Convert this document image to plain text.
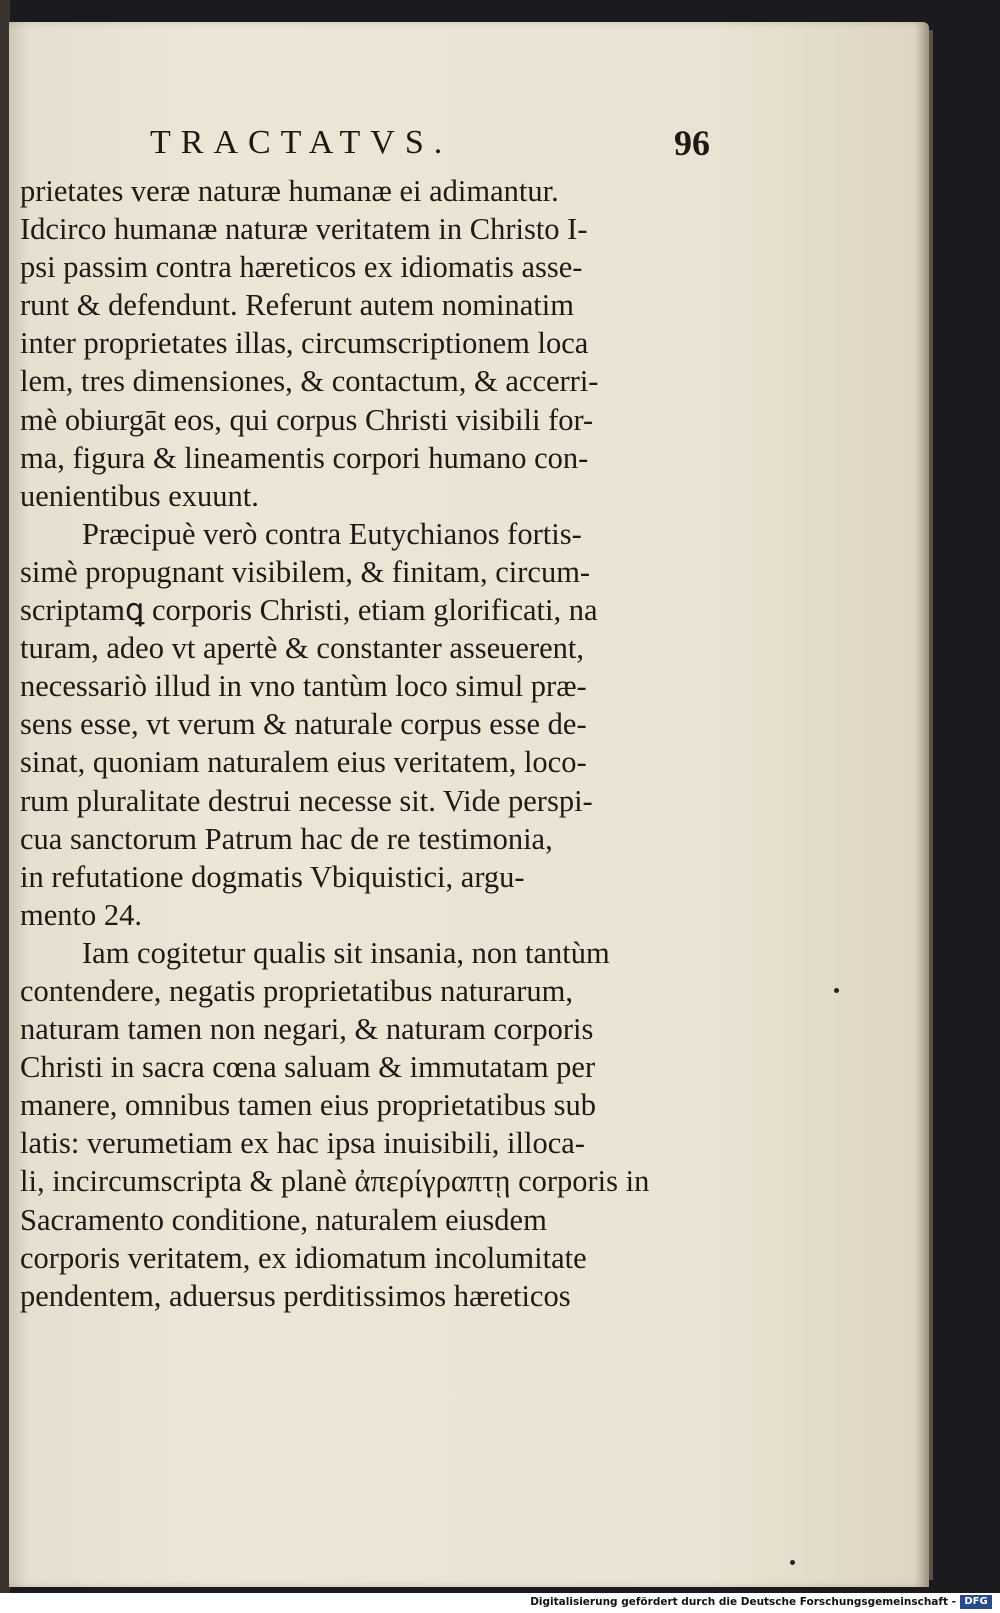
TRACTATVS.	96
prietates veræ naturæ humanæ ei adimantur.
Idcirco humanæ naturæ veritatem in Christo I-
psi passim contra hæreticos ex idiomatis asse-
runt & defendunt. Referunt autem nominatim
inter proprietates illas, circumscriptionem loca
lem, tres dimensiones, & contactum, & accerri-
mè obiurgāt eos, qui corpus Christi visibili for-
ma, figura & lineamentis corpori humano con-
uenientibus exuunt.
Præcipuè verò contra Eutychianos fortis-
simè propugnant visibilem, & finitam, circum-
scriptamꝗ corporis Christi, etiam glorificati, na
turam, adeo vt apertè & constanter asseuerent,
necessariò illud in vno tantùm loco simul præ-
sens esse, vt verum & naturale corpus esse de-
sinat, quoniam naturalem eius veritatem, loco-
rum pluralitate destrui necesse sit. Vide perspi-
cua sanctorum Patrum hac de re testimonia,
in refutatione dogmatis Vbiquistici, argu-
mento 24.
Iam cogitetur qualis sit insania, non tantùm
contendere, negatis proprietatibus naturarum,
naturam tamen non negari, & naturam corporis
Christi in sacra cœna saluam & immutatam per
manere, omnibus tamen eius proprietatibus sub
latis: verumetiam ex hac ipsa inuisibili, illoca-
li, incircumscripta & planè ἀπερίγραπτῃ corporis in
Sacramento conditione, naturalem eiusdem
corporis veritatem, ex idiomatum incolumitate
pendentem, aduersus perditissimos hæreticos
Digitalisierung gefördert durch die Deutsche Forschungsgemeinschaft - DFG
